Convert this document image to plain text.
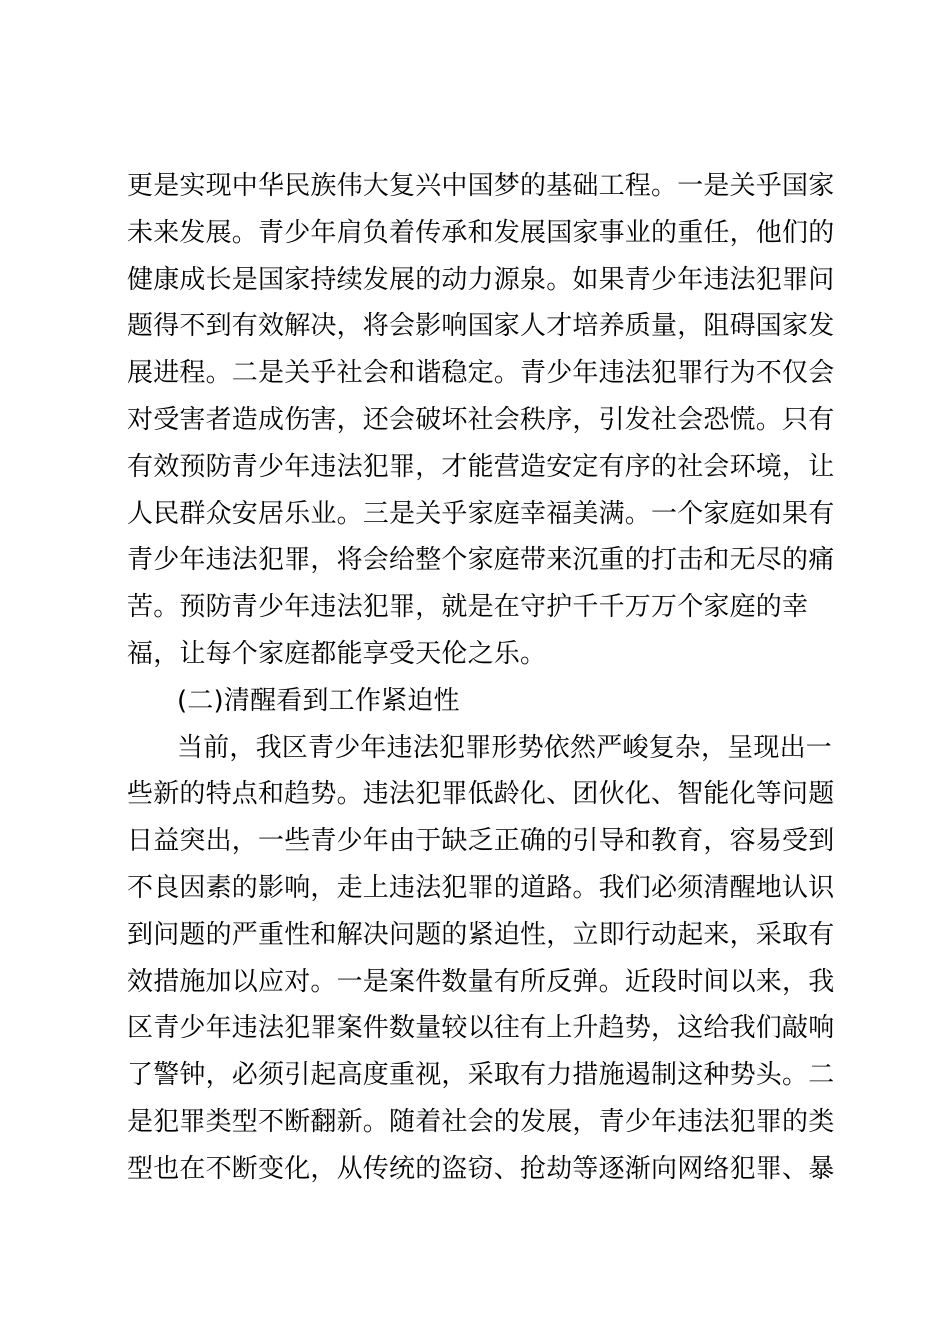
更是实现中华民族伟大复兴中国梦的基础工程。一是关乎国家
未来发展。青少年肩负着传承和发展国家事业的重任，他们的
健康成长是国家持续发展的动力源泉。如果青少年违法犯罪问
题得不到有效解决，将会影响国家人才培养质量，阻碍国家发
展进程。二是关乎社会和谐稳定。青少年违法犯罪行为不仅会
对受害者造成伤害，还会破坏社会秩序，引发社会恐慌。只有
有效预防青少年违法犯罪，才能营造安定有序的社会环境，让
人民群众安居乐业。三是关乎家庭幸福美满。一个家庭如果有
青少年违法犯罪，将会给整个家庭带来沉重的打击和无尽的痛
苦。预防青少年违法犯罪，就是在守护千千万万个家庭的幸
福，让每个家庭都能享受天伦之乐。
(二)清醒看到工作紧迫性
当前，我区青少年违法犯罪形势依然严峻复杂，呈现出一
些新的特点和趋势。违法犯罪低龄化、团伙化、智能化等问题
日益突出，一些青少年由于缺乏正确的引导和教育，容易受到
不良因素的影响，走上违法犯罪的道路。我们必须清醒地认识
到问题的严重性和解决问题的紧迫性，立即行动起来，采取有
效措施加以应对。一是案件数量有所反弹。近段时间以来，我
区青少年违法犯罪案件数量较以往有上升趋势，这给我们敲响
了警钟，必须引起高度重视，采取有力措施遏制这种势头。二
是犯罪类型不断翻新。随着社会的发展，青少年违法犯罪的类
型也在不断变化，从传统的盗窃、抢劫等逐渐向网络犯罪、暴
